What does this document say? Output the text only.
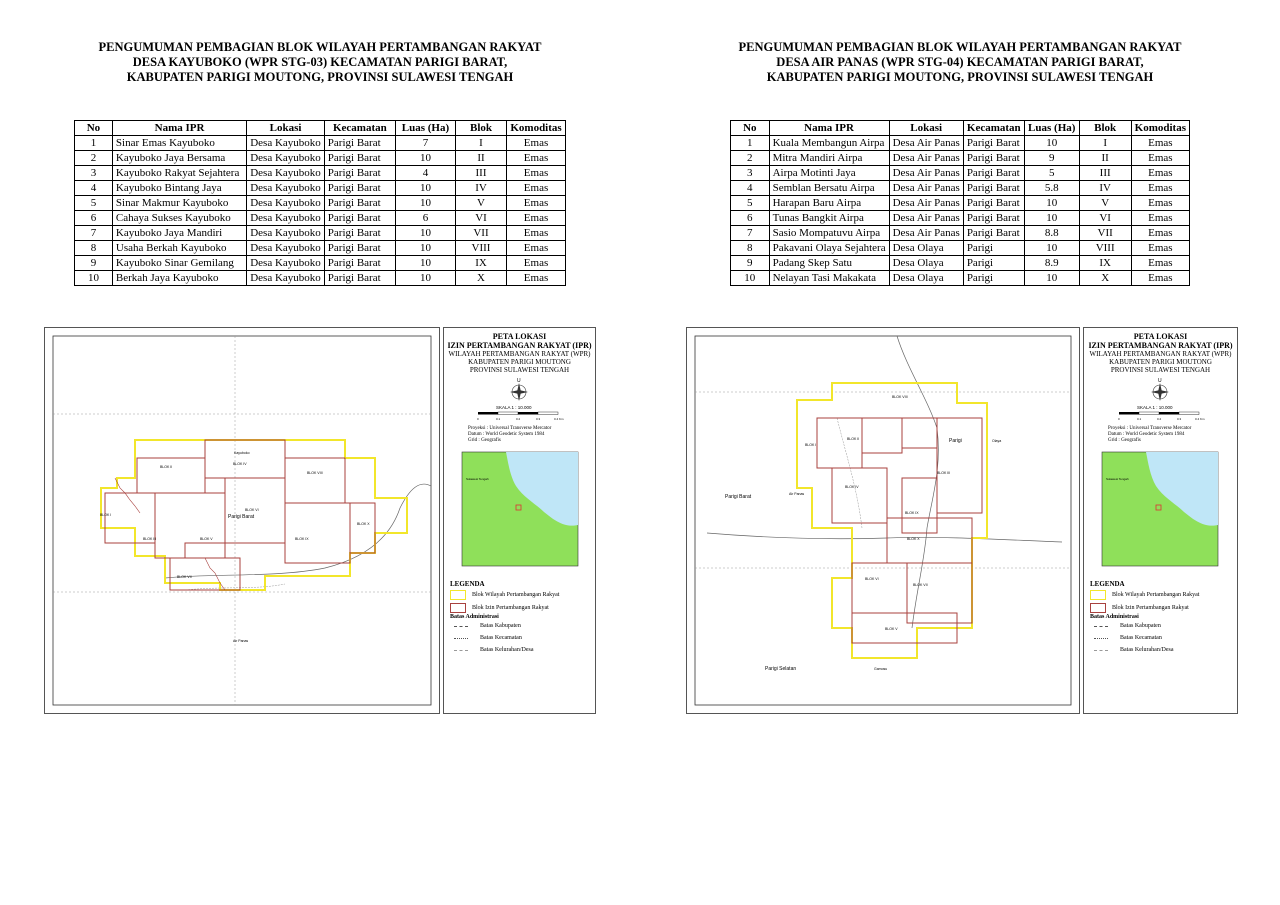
PENGUMUMAN PEMBAGIAN BLOK WILAYAH PERTAMBANGAN RAKYAT
DESA KAYUBOKO (WPR STG-03) KECAMATAN PARIGI BARAT,
KABUPATEN PARIGI MOUTONG, PROVINSI SULAWESI TENGAH
No	Nama IPR	Lokasi	Kecamatan	Luas (Ha)	Blok	Komoditas
1	Sinar Emas Kayuboko	Desa Kayuboko	Parigi Barat	7	I	Emas
2	Kayuboko Jaya Bersama	Desa Kayuboko	Parigi Barat	10	II	Emas
3	Kayuboko Rakyat Sejahtera	Desa Kayuboko	Parigi Barat	4	III	Emas
4	Kayuboko Bintang Jaya	Desa Kayuboko	Parigi Barat	10	IV	Emas
5	Sinar Makmur Kayuboko	Desa Kayuboko	Parigi Barat	10	V	Emas
6	Cahaya Sukses Kayuboko	Desa Kayuboko	Parigi Barat	6	VI	Emas
7	Kayuboko Jaya Mandiri	Desa Kayuboko	Parigi Barat	10	VII	Emas
8	Usaha Berkah Kayuboko	Desa Kayuboko	Parigi Barat	10	VIII	Emas
9	Kayuboko Sinar Gemilang	Desa Kayuboko	Parigi Barat	10	IX	Emas
10	Berkah Jaya Kayuboko	Desa Kayuboko	Parigi Barat	10	X	Emas
Parigi Barat
Kayuboko
Air Panas
BLOK I
BLOK II
BLOK III
BLOK IV
BLOK V
BLOK VI
BLOK VII
BLOK VIII
BLOK IX
BLOK X
PETA LOKASI
IZIN PERTAMBANGAN RAKYAT (IPR)
WILAYAH PERTAMBANGAN RAKYAT (WPR)
KABUPATEN PARIGI MOUTONG
PROVINSI SULAWESI TENGAH
U
SKALA 1 : 10.000
0	0.1	0.2	0.3	0.4 Km
Proyeksi : Universal Transverse Mercator
Datum : World Geodetic System 1984
Grid : Geografis
Sulawesi Tengah
LEGENDA
Blok Wilayah Pertambangan Rakyat
Blok Izin Pertambangan Rakyat
Batas Administrasi
Batas Kabupaten
Batas Kecamatan
Batas Kelurahan/Desa
PENGUMUMAN PEMBAGIAN BLOK WILAYAH PERTAMBANGAN RAKYAT
DESA AIR PANAS (WPR STG-04) KECAMATAN PARIGI BARAT,
KABUPATEN PARIGI MOUTONG, PROVINSI SULAWESI TENGAH
No	Nama IPR	Lokasi	Kecamatan	Luas (Ha)	Blok	Komoditas
1	Kuala Membangun Airpa	Desa Air Panas	Parigi Barat	10	I	Emas
2	Mitra Mandiri Airpa	Desa Air Panas	Parigi Barat	9	II	Emas
3	Airpa Motinti Jaya	Desa Air Panas	Parigi Barat	5	III	Emas
4	Semblan Bersatu Airpa	Desa Air Panas	Parigi Barat	5.8	IV	Emas
5	Harapan Baru Airpa	Desa Air Panas	Parigi Barat	10	V	Emas
6	Tunas Bangkit Airpa	Desa Air Panas	Parigi Barat	10	VI	Emas
7	Sasio Mompatuvu Airpa	Desa Air Panas	Parigi Barat	8.8	VII	Emas
8	Pakavani Olaya Sejahtera	Desa Olaya	Parigi	10	VIII	Emas
9	Padang Skep Satu	Desa Olaya	Parigi	8.9	IX	Emas
10	Nelayan Tasi Makakata	Desa Olaya	Parigi	10	X	Emas
Parigi Barat
Parigi	Olaya
Air Panas
Parigi Selatan	Gamosu
BLOK I
BLOK II
BLOK III
BLOK IV
BLOK V
BLOK VI
BLOK VII
BLOK VIII
BLOK IX
BLOK X
PETA LOKASI
IZIN PERTAMBANGAN RAKYAT (IPR)
WILAYAH PERTAMBANGAN RAKYAT (WPR)
KABUPATEN PARIGI MOUTONG
PROVINSI SULAWESI TENGAH
U
SKALA 1 : 10.000
0	0.1	0.2	0.3	0.4 Km
Proyeksi : Universal Transverse Mercator
Datum : World Geodetic System 1984
Grid : Geografis
Sulawesi Tengah
LEGENDA
Blok Wilayah Pertambangan Rakyat
Blok Izin Pertambangan Rakyat
Batas Administrasi
Batas Kabupaten
Batas Kecamatan
Batas Kelurahan/Desa
